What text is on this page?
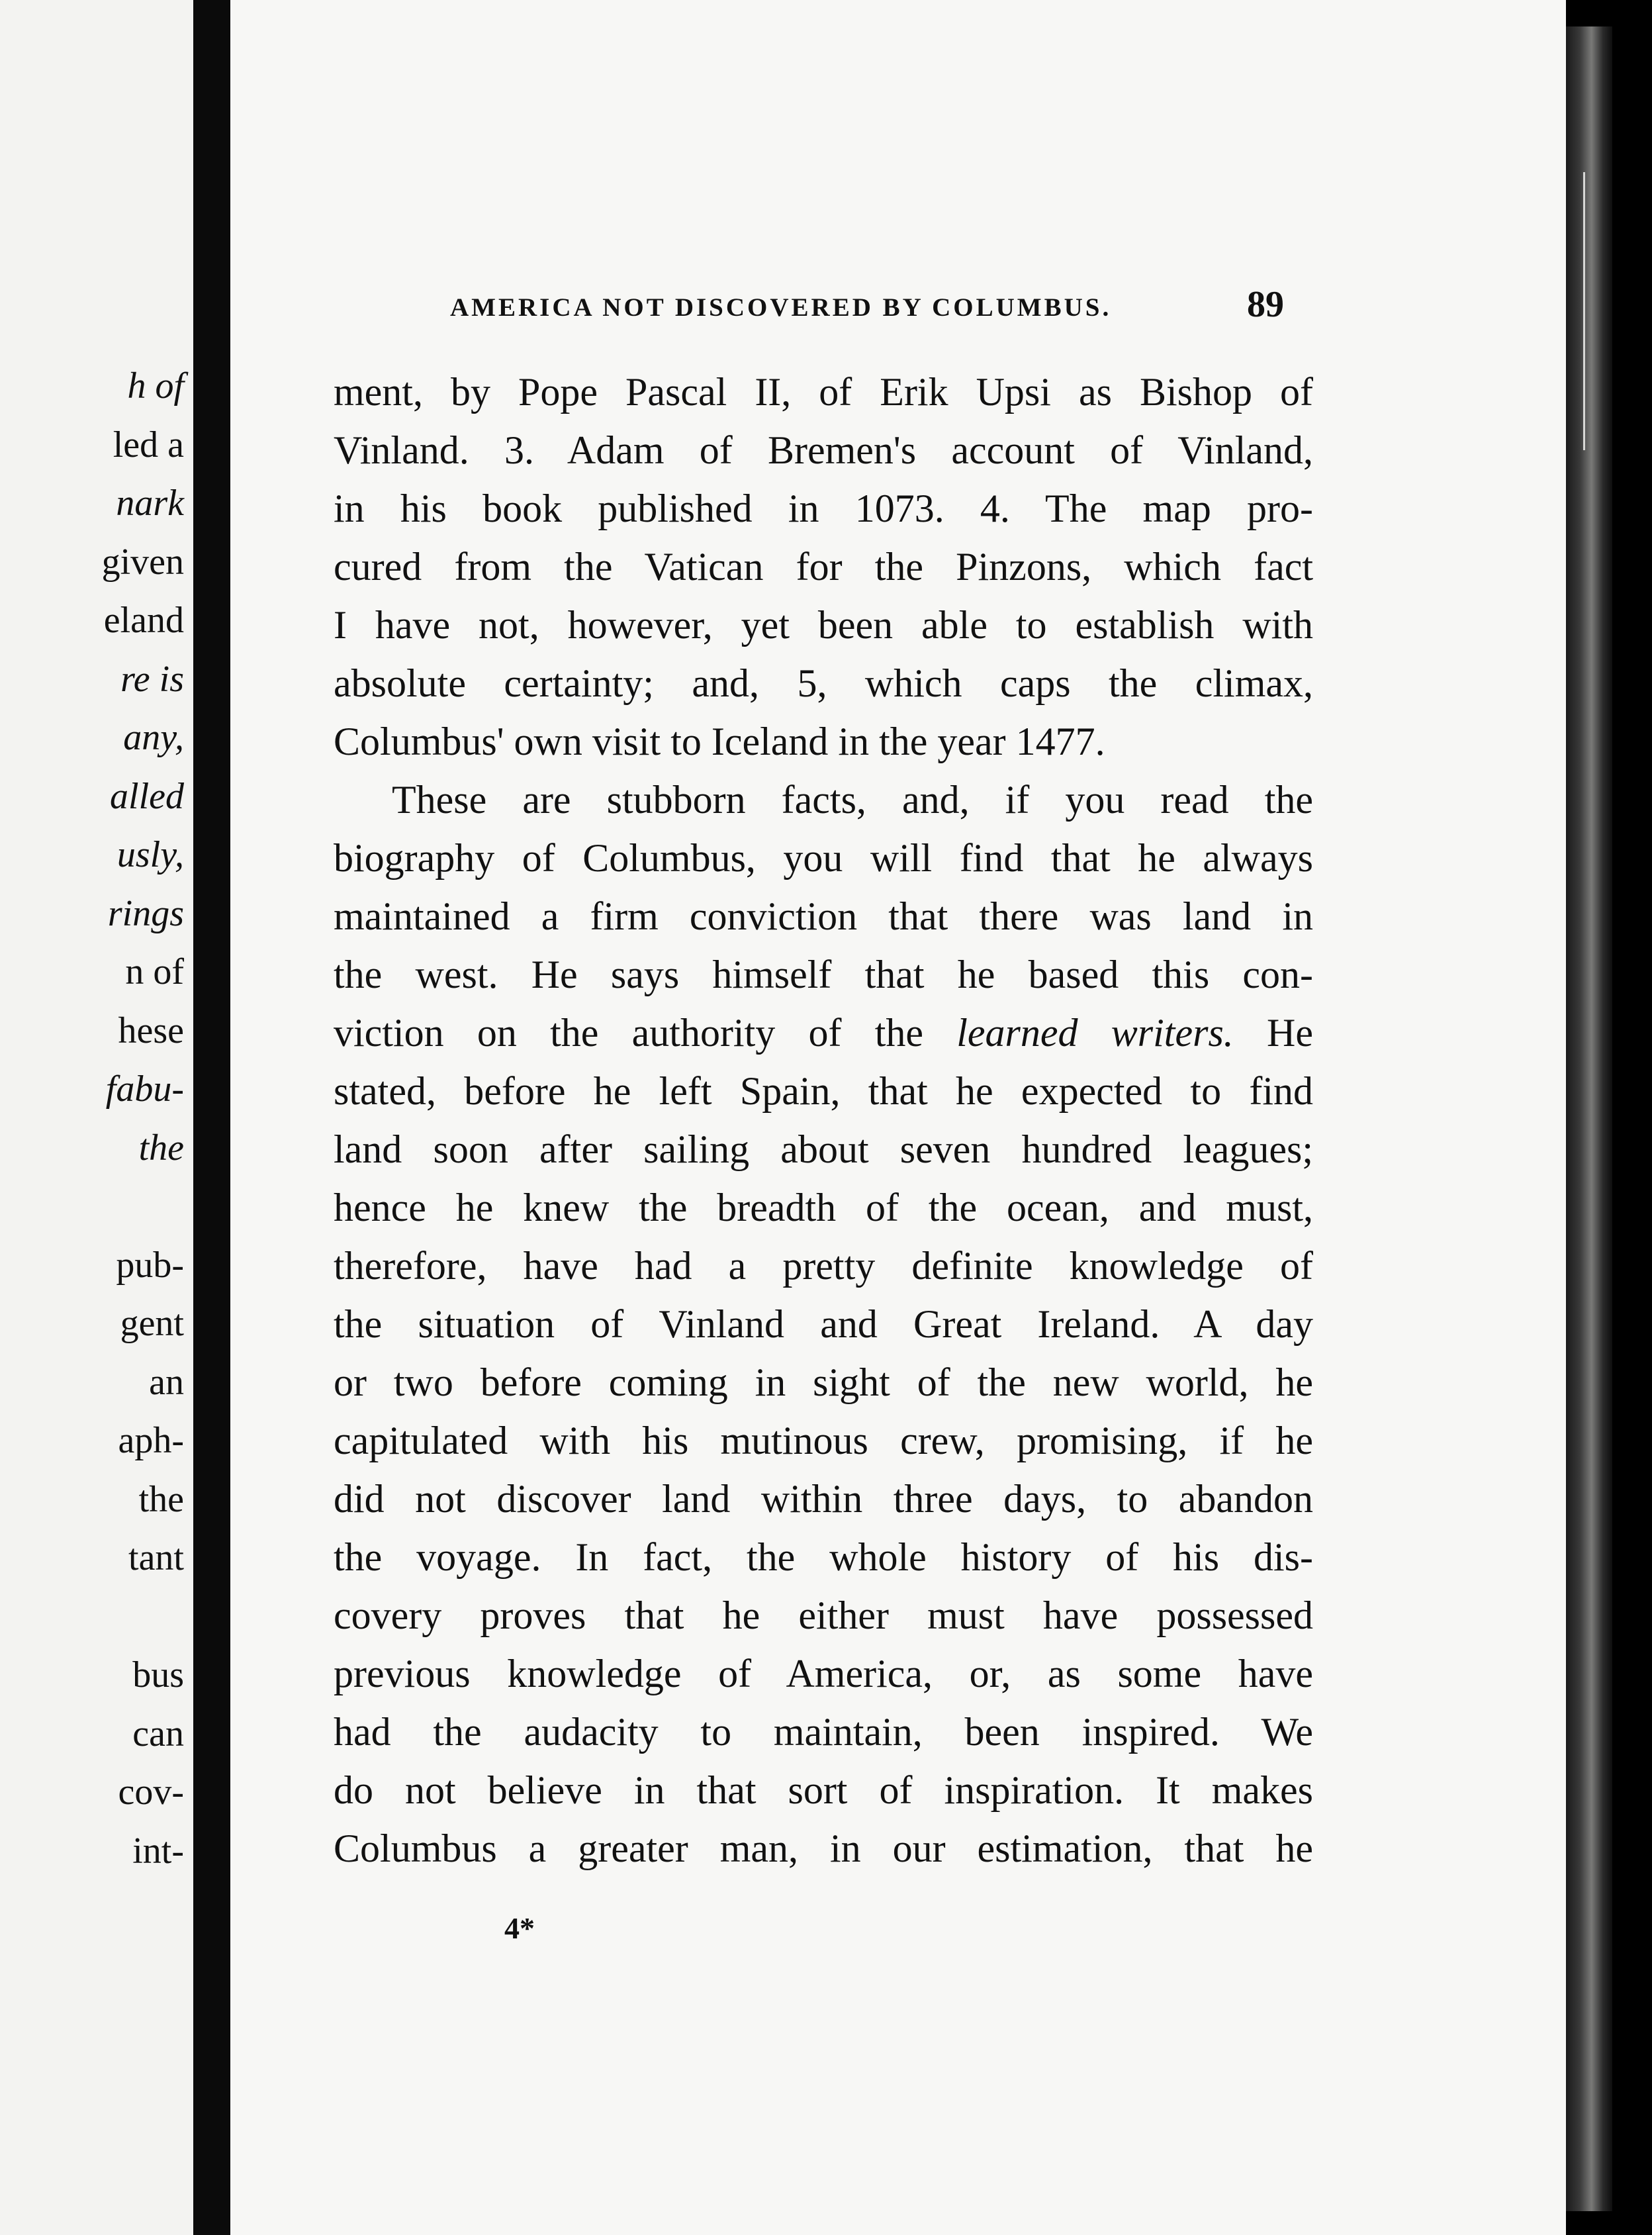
h of
led a
nark
given
eland
re is
any,
alled
usly,
rings
n of
hese
fabu-
the
pub-
gent
an
aph-
the
tant
bus
can
cov-
int-
AMERICA NOT DISCOVERED BY COLUMBUS.	89
ment, by Pope Pascal II, of Erik Upsi as Bishop of
Vinland. 3. Adam of Bremen's account of Vinland,
in his book published in 1073. 4. The map pro-
cured from the Vatican for the Pinzons, which fact
I have not, however, yet been able to establish with
absolute certainty; and, 5, which caps the climax,
Columbus' own visit to Iceland in the year 1477.
These are stubborn facts, and, if you read the
biography of Columbus, you will find that he always
maintained a firm conviction that there was land in
the west. He says himself that he based this con-
viction on the authority of the learned writers. He
stated, before he left Spain, that he expected to find
land soon after sailing about seven hundred leagues;
hence he knew the breadth of the ocean, and must,
therefore, have had a pretty definite knowledge of
the situation of Vinland and Great Ireland. A day
or two before coming in sight of the new world, he
capitulated with his mutinous crew, promising, if he
did not discover land within three days, to abandon
the voyage. In fact, the whole history of his dis-
covery proves that he either must have possessed
previous knowledge of America, or, as some have
had the audacity to maintain, been inspired. We
do not believe in that sort of inspiration. It makes
Columbus a greater man, in our estimation, that he
4*
